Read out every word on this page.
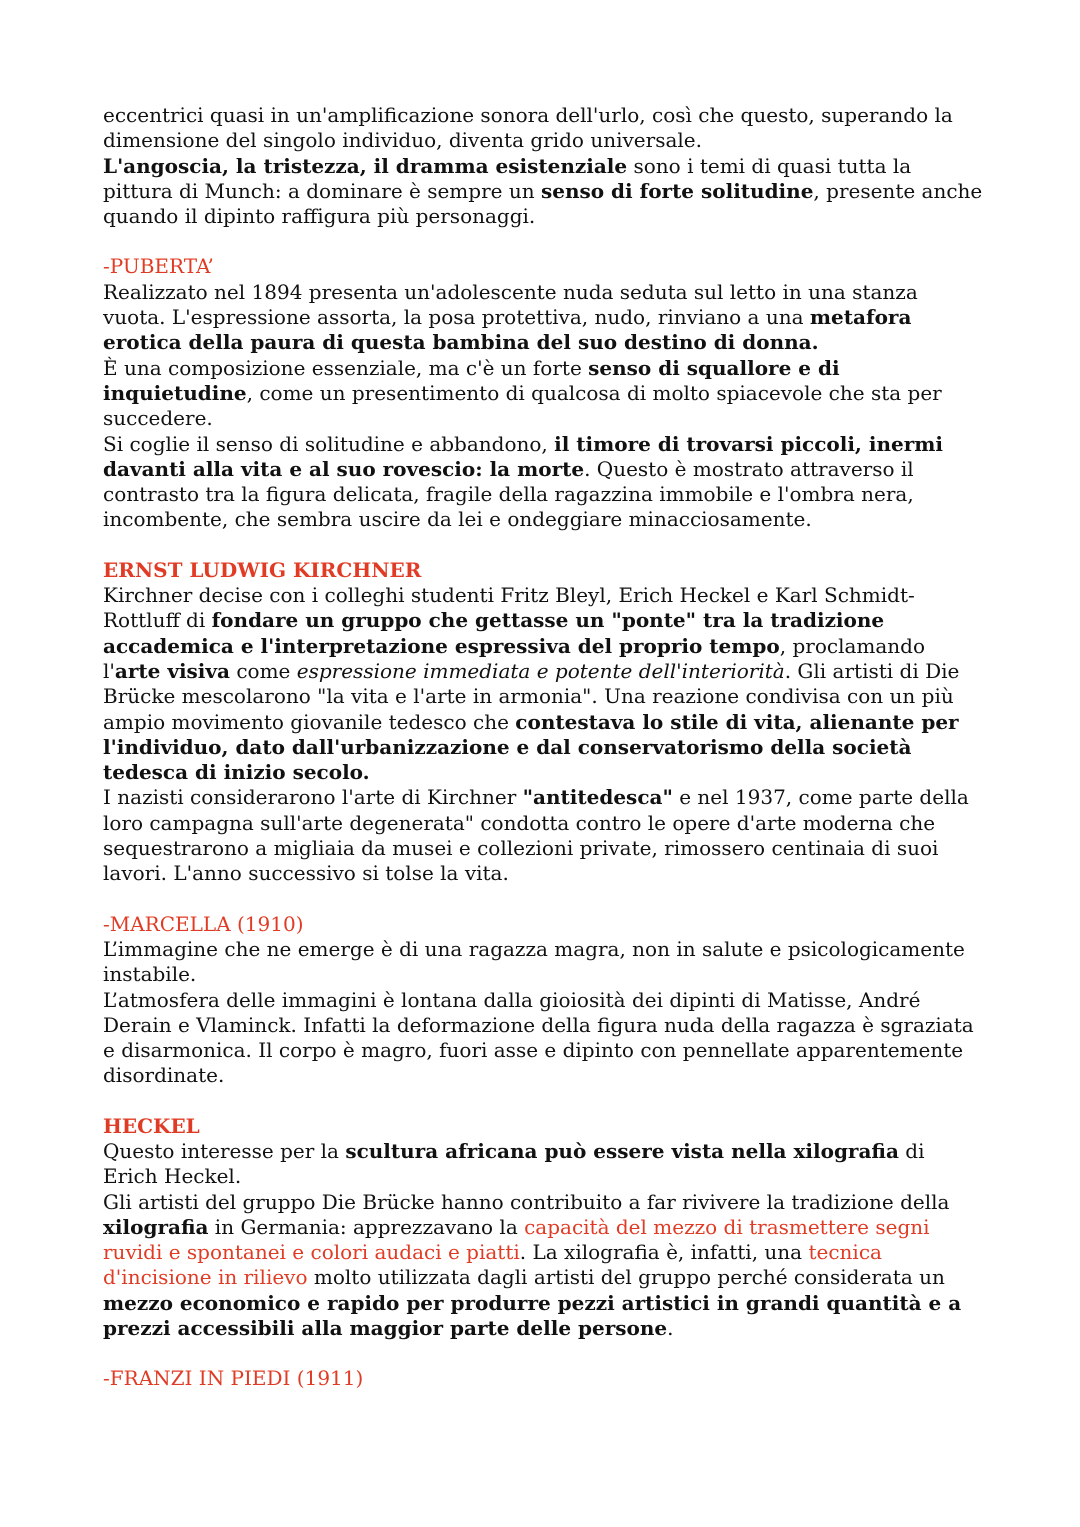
eccentrici quasi in un'amplificazione sonora dell'urlo, così che questo, superando la dimensione del singolo individuo, diventa grido universale.

L'angoscia, la tristezza, il dramma esistenziale sono i temi di quasi tutta la pittura di Munch: a dominare è sempre un senso di forte solitudine, presente anche quando il dipinto raffigura più personaggi.

-PUBERTA’

Realizzato nel 1894 presenta un'adolescente nuda seduta sul letto in una stanza vuota. L'espressione assorta, la posa protettiva, nudo, rinviano a una metafora erotica della paura di questa bambina del suo destino di donna.

È una composizione essenziale, ma c'è un forte senso di squallore e di inquietudine, come un presentimento di qualcosa di molto spiacevole che sta per succedere.

Si coglie il senso di solitudine e abbandono, il timore di trovarsi piccoli, inermi davanti alla vita e al suo rovescio: la morte. Questo è mostrato attraverso il contrasto tra la figura delicata, fragile della ragazzina immobile e l'ombra nera, incombente, che sembra uscire da lei e ondeggiare minacciosamente.

ERNST LUDWIG KIRCHNER

Kirchner decise con i colleghi studenti Fritz Bleyl, Erich Heckel e Karl Schmidt-Rottluff di fondare un gruppo che gettasse un "ponte" tra la tradizione accademica e l'interpretazione espressiva del proprio tempo, proclamando l'arte visiva come espressione immediata e potente dell'interiorità. Gli artisti di Die Brücke mescolarono "la vita e l'arte in armonia". Una reazione condivisa con un più ampio movimento giovanile tedesco che contestava lo stile di vita, alienante per l'individuo, dato dall'urbanizzazione e dal conservatorismo della società tedesca di inizio secolo.

I nazisti considerarono l'arte di Kirchner "antitedesca" e nel 1937, come parte della loro campagna sull'arte degenerata" condotta contro le opere d'arte moderna che sequestrarono a migliaia da musei e collezioni private, rimossero centinaia di suoi lavori. L'anno successivo si tolse la vita.

-MARCELLA (1910)

L’immagine che ne emerge è di una ragazza magra, non in salute e psicologicamente instabile.

L’atmosfera delle immagini è lontana dalla gioiosità dei dipinti di Matisse, André Derain e Vlaminck. Infatti la deformazione della figura nuda della ragazza è sgraziata e disarmonica. Il corpo è magro, fuori asse e dipinto con pennellate apparentemente disordinate.

HECKEL

Questo interesse per la scultura africana può essere vista nella xilografia di Erich Heckel.

Gli artisti del gruppo Die Brücke hanno contribuito a far rivivere la tradizione della xilografia in Germania: apprezzavano la capacità del mezzo di trasmettere segni ruvidi e spontanei e colori audaci e piatti. La xilografia è, infatti, una tecnica d'incisione in rilievo molto utilizzata dagli artisti del gruppo perché considerata un mezzo economico e rapido per produrre pezzi artistici in grandi quantità e a prezzi accessibili alla maggior parte delle persone.

-FRANZI IN PIEDI (1911)
